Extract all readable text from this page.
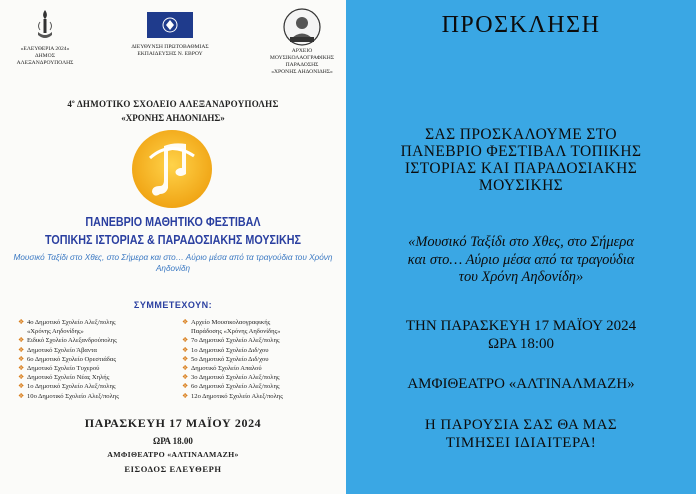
«ΕΛΕΥΘΕΡΙΑ 2024»
ΔΗΜΟΣ
ΑΛΕΞΑΝΔΡΟΥΠΟΛΗΣ
ΔΙΕΥΘΥΝΣΗ ΠΡΩΤΟΒΑΘΜΙΑΣ
ΕΚΠΑΙΔΕΥΣΗΣ Ν. ΕΒΡΟΥ	ΑΡΧΕΙΟ
ΜΟΥΣΙΚΟΛΑΟΓΡΑΦΙΚΗΣ
ΠΑΡΑΔΟΣΗΣ
«ΧΡΟΝΗΣ ΑΗΔΟΝΙΔΗΣ»
$4^o$ ΔΗΜΟΤΙΚΟ ΣΧΟΛΕΙΟ ΑΛΕΞΑΝΔΡΟΥΠΟΛΗΣ
«ΧΡΟΝΗΣ ΑΗΔΟΝΙΔΗΣ»
ΠΑΝΕΒΡΙΟ ΜΑΘΗΤΙΚΟ ΦΕΣΤΙΒΑΛ
ΤΟΠΙΚΗΣ ΙΣΤΟΡΙΑΣ & ΠΑΡΑΔΟΣΙΑΚΗΣ ΜΟΥΣΙΚΗΣ
Μουσικό Ταξίδι στο Χθες, στο Σήμερα και στο… Αύριο μέσα από τα τραγούδια του Χρόνη Αηδονίδη
ΣΥΜΜΕΤΕΧΟΥΝ:
❖ 4ο Δημοτικό Σχολείο Αλεξ/πολης
«Χρόνης Αηδονίδης»
❖ Ειδικό Σχολείο Αλεξανδρούπολης
❖ Δημοτικό Σχολείο Άβαντα
❖ 6ο Δημοτικό Σχολείο Ορεστιάδας
❖ Δημοτικό Σχολείο Τυχερού
❖ Δημοτικό Σχολείο Νέας Χηλής
❖ 1ο Δημοτικό Σχολείο Αλεξ/πολης
❖ 10ο Δημοτικό Σχολείο Αλεξ/πολης
❖ Αρχείο Μουσικολαογραφικής
Παράδοσης «Χρόνης Αηδονίδης»
❖ 7ο Δημοτικό Σχολείο Αλεξ/πολης
❖ 1ο Δημοτικό Σχολείο Διδ/χου
❖ 5ο Δημοτικό Σχολείο Διδ/χου
❖ Δημοτικό Σχολείο Απαλού
❖ 3ο Δημοτικό Σχολείο Αλεξ/πολης
❖ 6ο Δημοτικό Σχολείο Αλεξ/πολης
❖ 12ο Δημοτικό Σχολείο Αλεξ/πολης
ΠΑΡΑΣΚΕΥΗ 17 ΜΑΪΟΥ 2024
ΩΡΑ 18.00
ΑΜΦΙΘΕΑΤΡΟ «ΑΛΤΙΝΑΛΜΑΖΗ»
ΕΙΣΟΔΟΣ ΕΛΕΥΘΕΡΗ
ΠΡΟΣΚΛΗΣΗ
ΣΑΣ ΠΡΟΣΚΑΛΟΥΜΕ ΣΤΟ
ΠΑΝΕΒΡΙΟ ΦΕΣΤΙΒΑΛ ΤΟΠΙΚΗΣ
ΙΣΤΟΡΙΑΣ ΚΑΙ ΠΑΡΑΔΟΣΙΑΚΗΣ
ΜΟΥΣΙΚΗΣ
«Μουσικό Ταξίδι στο Χθες, στο Σήμερα
και στο… Αύριο μέσα από τα τραγούδια
του Χρόνη Αηδονίδη»
ΤΗΝ ΠΑΡΑΣΚΕΥΗ 17 ΜΑΪΟΥ 2024
ΩΡΑ 18:00
ΑΜΦΙΘΕΑΤΡΟ «ΑΛΤΙΝΑΛΜΑΖΗ»
Η ΠΑΡΟΥΣΙΑ ΣΑΣ ΘΑ ΜΑΣ
ΤΙΜΗΣΕΙ ΙΔΙΑΙΤΕΡΑ!
